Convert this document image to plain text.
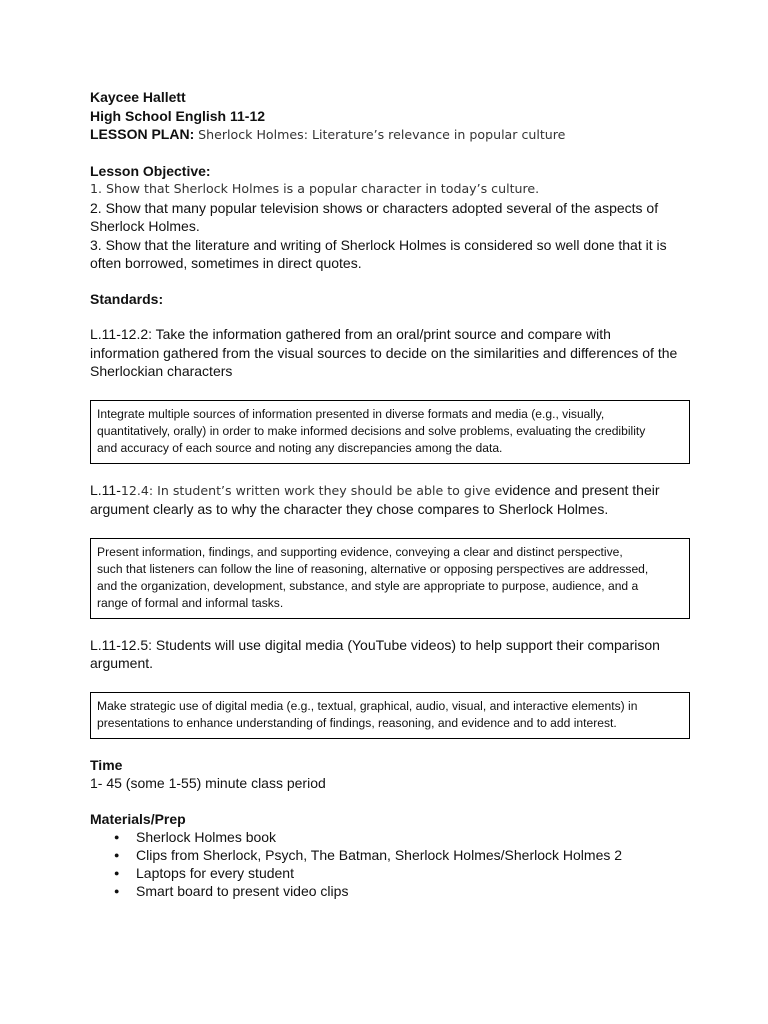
Kaycee Hallett
High School English 11-12
LESSON PLAN: Sherlock Holmes: Literature’s relevance in popular culture
Lesson Objective:
1. Show that Sherlock Holmes is a popular character in today’s culture.
2. Show that many popular television shows or characters adopted several of the aspects of
Sherlock Holmes.
3. Show that the literature and writing of Sherlock Holmes is considered so well done that it is
often borrowed, sometimes in direct quotes.
Standards:
L.11-12.2: Take the information gathered from an oral/print source and compare with
information gathered from the visual sources to decide on the similarities and differences of the
Sherlockian characters
Integrate multiple sources of information presented in diverse formats and media (e.g., visually,
quantitatively, orally) in order to make informed decisions and solve problems, evaluating the credibility
and accuracy of each source and noting any discrepancies among the data.
L.11-12.4: In student’s written work they should be able to give evidence and present their
argument clearly as to why the character they chose compares to Sherlock Holmes.
Present information, findings, and supporting evidence, conveying a clear and distinct perspective,
such that listeners can follow the line of reasoning, alternative or opposing perspectives are addressed,
and the organization, development, substance, and style are appropriate to purpose, audience, and a
range of formal and informal tasks.
L.11-12.5: Students will use digital media (YouTube videos) to help support their comparison
argument.
Make strategic use of digital media (e.g., textual, graphical, audio, visual, and interactive elements) in
presentations to enhance understanding of findings, reasoning, and evidence and to add interest.
Time
1- 45 (some 1-55) minute class period
Materials/Prep
● Sherlock Holmes book
● Clips from Sherlock, Psych, The Batman, Sherlock Holmes/Sherlock Holmes 2
● Laptops for every student
● Smart board to present video clips
